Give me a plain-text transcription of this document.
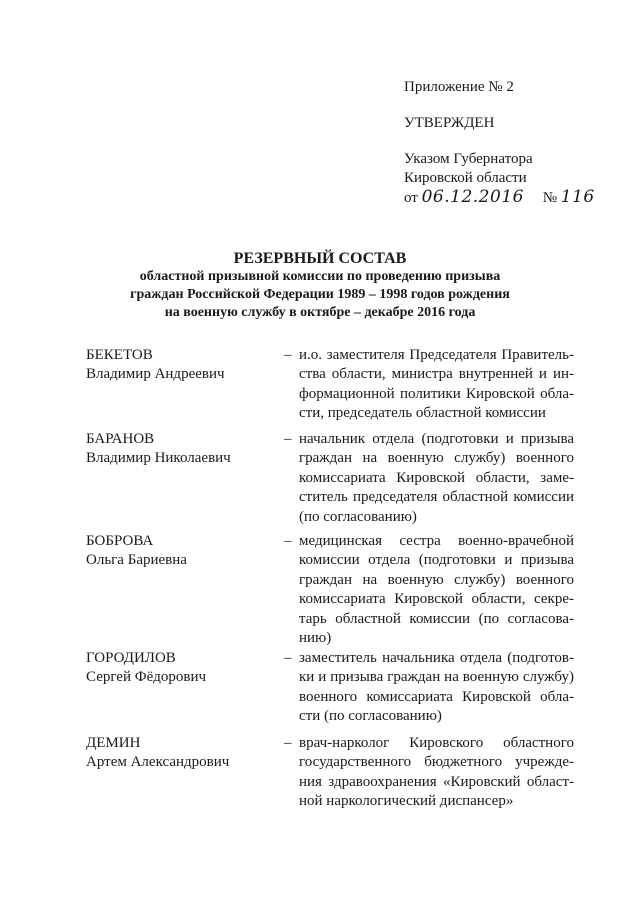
Приложение № 2
УТВЕРЖДЕН
Указом Губернатора
Кировской области
от 06.12.2016 № 116
РЕЗЕРВНЫЙ СОСТАВ
областной призывной комиссии по проведению призыва
граждан Российской Федерации 1989 – 1998 годов рождения
на военную службу в октябре – декабре 2016 года
БЕКЕТОВ
Владимир Андреевич
– и.о. заместителя Председателя Правитель-
ства области, министра внутренней и ин-
формационной политики Кировской обла-
сти, председатель областной комиссии
БАРАНОВ
Владимир Николаевич
– начальник отдела (подготовки и призыва
граждан на военную службу) военного
комиссариата Кировской области, заме-
ститель председателя областной комиссии
(по согласованию)
БОБРОВА
Ольга Бариевна
– медицинская сестра военно-врачебной
комиссии отдела (подготовки и призыва
граждан на военную службу) военного
комиссариата Кировской области, секре-
тарь областной комиссии (по согласова-
нию)
ГОРОДИЛОВ
Сергей Фёдорович
– заместитель начальника отдела (подготов-
ки и призыва граждан на военную службу)
военного комиссариата Кировской обла-
сти (по согласованию)
ДЕМИН
Артем Александрович
– врач-нарколог Кировского областного
государственного бюджетного учрежде-
ния здравоохранения «Кировский област-
ной наркологический диспансер»
